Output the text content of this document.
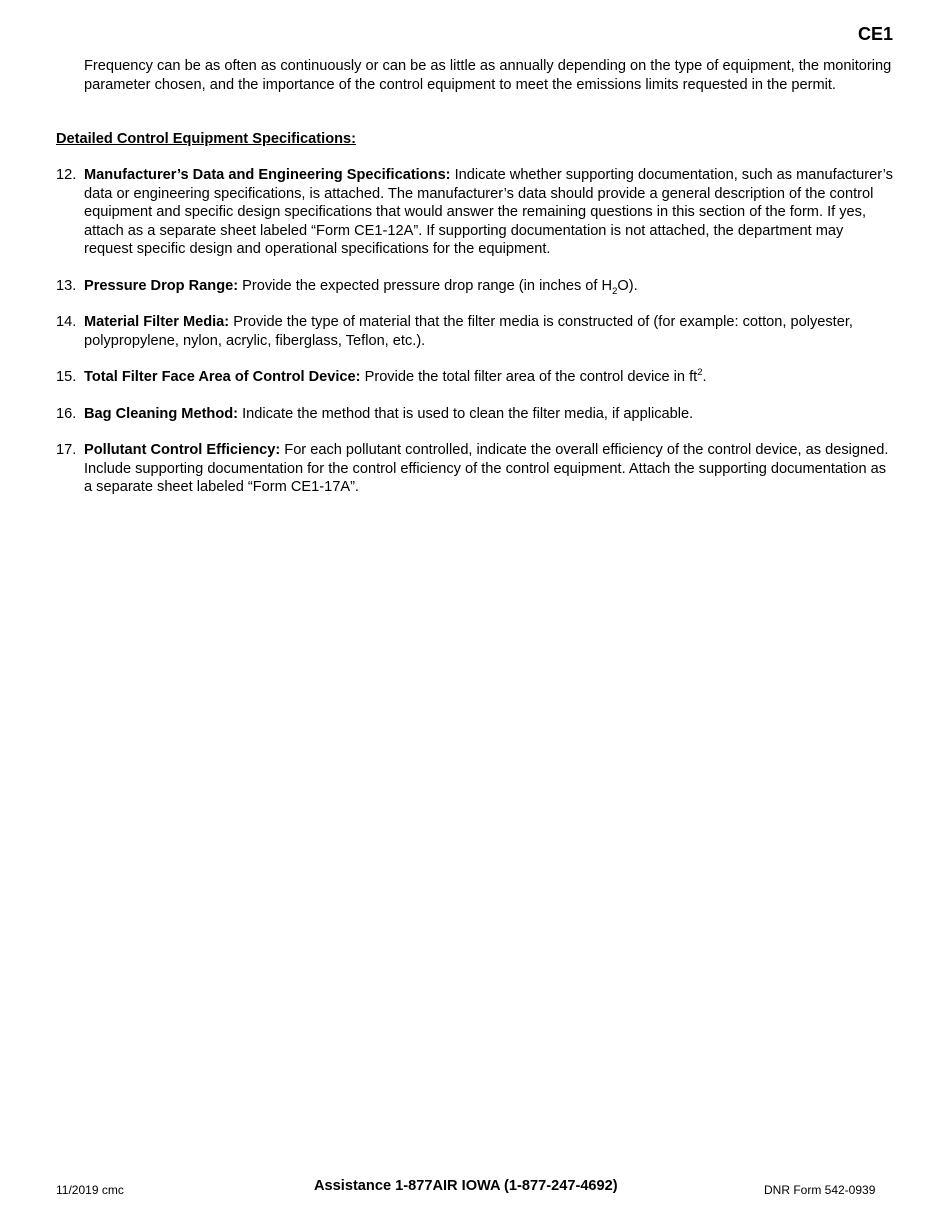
CE1

Frequency can be as often as continuously or can be as little as annually depending on the type of equipment, the monitoring parameter chosen, and the importance of the control equipment to meet the emissions limits requested in the permit.

Detailed Control Equipment Specifications:
12. Manufacturer’s Data and Engineering Specifications: Indicate whether supporting documentation, such as manufacturer’s data or engineering specifications, is attached. The manufacturer’s data should provide a general description of the control equipment and specific design specifications that would answer the remaining questions in this section of the form. If yes, attach as a separate sheet labeled “Form CE1-12A”. If supporting documentation is not attached, the department may request specific design and operational specifications for the equipment.
13. Pressure Drop Range: Provide the expected pressure drop range (in inches of $H_2O$).
14. Material Filter Media: Provide the type of material that the filter media is constructed of (for example: cotton, polyester, polypropylene, nylon, acrylic, fiberglass, Teflon, etc.).
15. Total Filter Face Area of Control Device: Provide the total filter area of the control device in $ft^2$.
16. Bag Cleaning Method: Indicate the method that is used to clean the filter media, if applicable.
17. Pollutant Control Efficiency: For each pollutant controlled, indicate the overall efficiency of the control device, as designed. Include supporting documentation for the control efficiency of the control equipment. Attach the supporting documentation as a separate sheet labeled “Form CE1-17A”.
11/2019 cmc	Assistance 1-877AIR IOWA (1-877-247-4692)	DNR Form 542-0939
